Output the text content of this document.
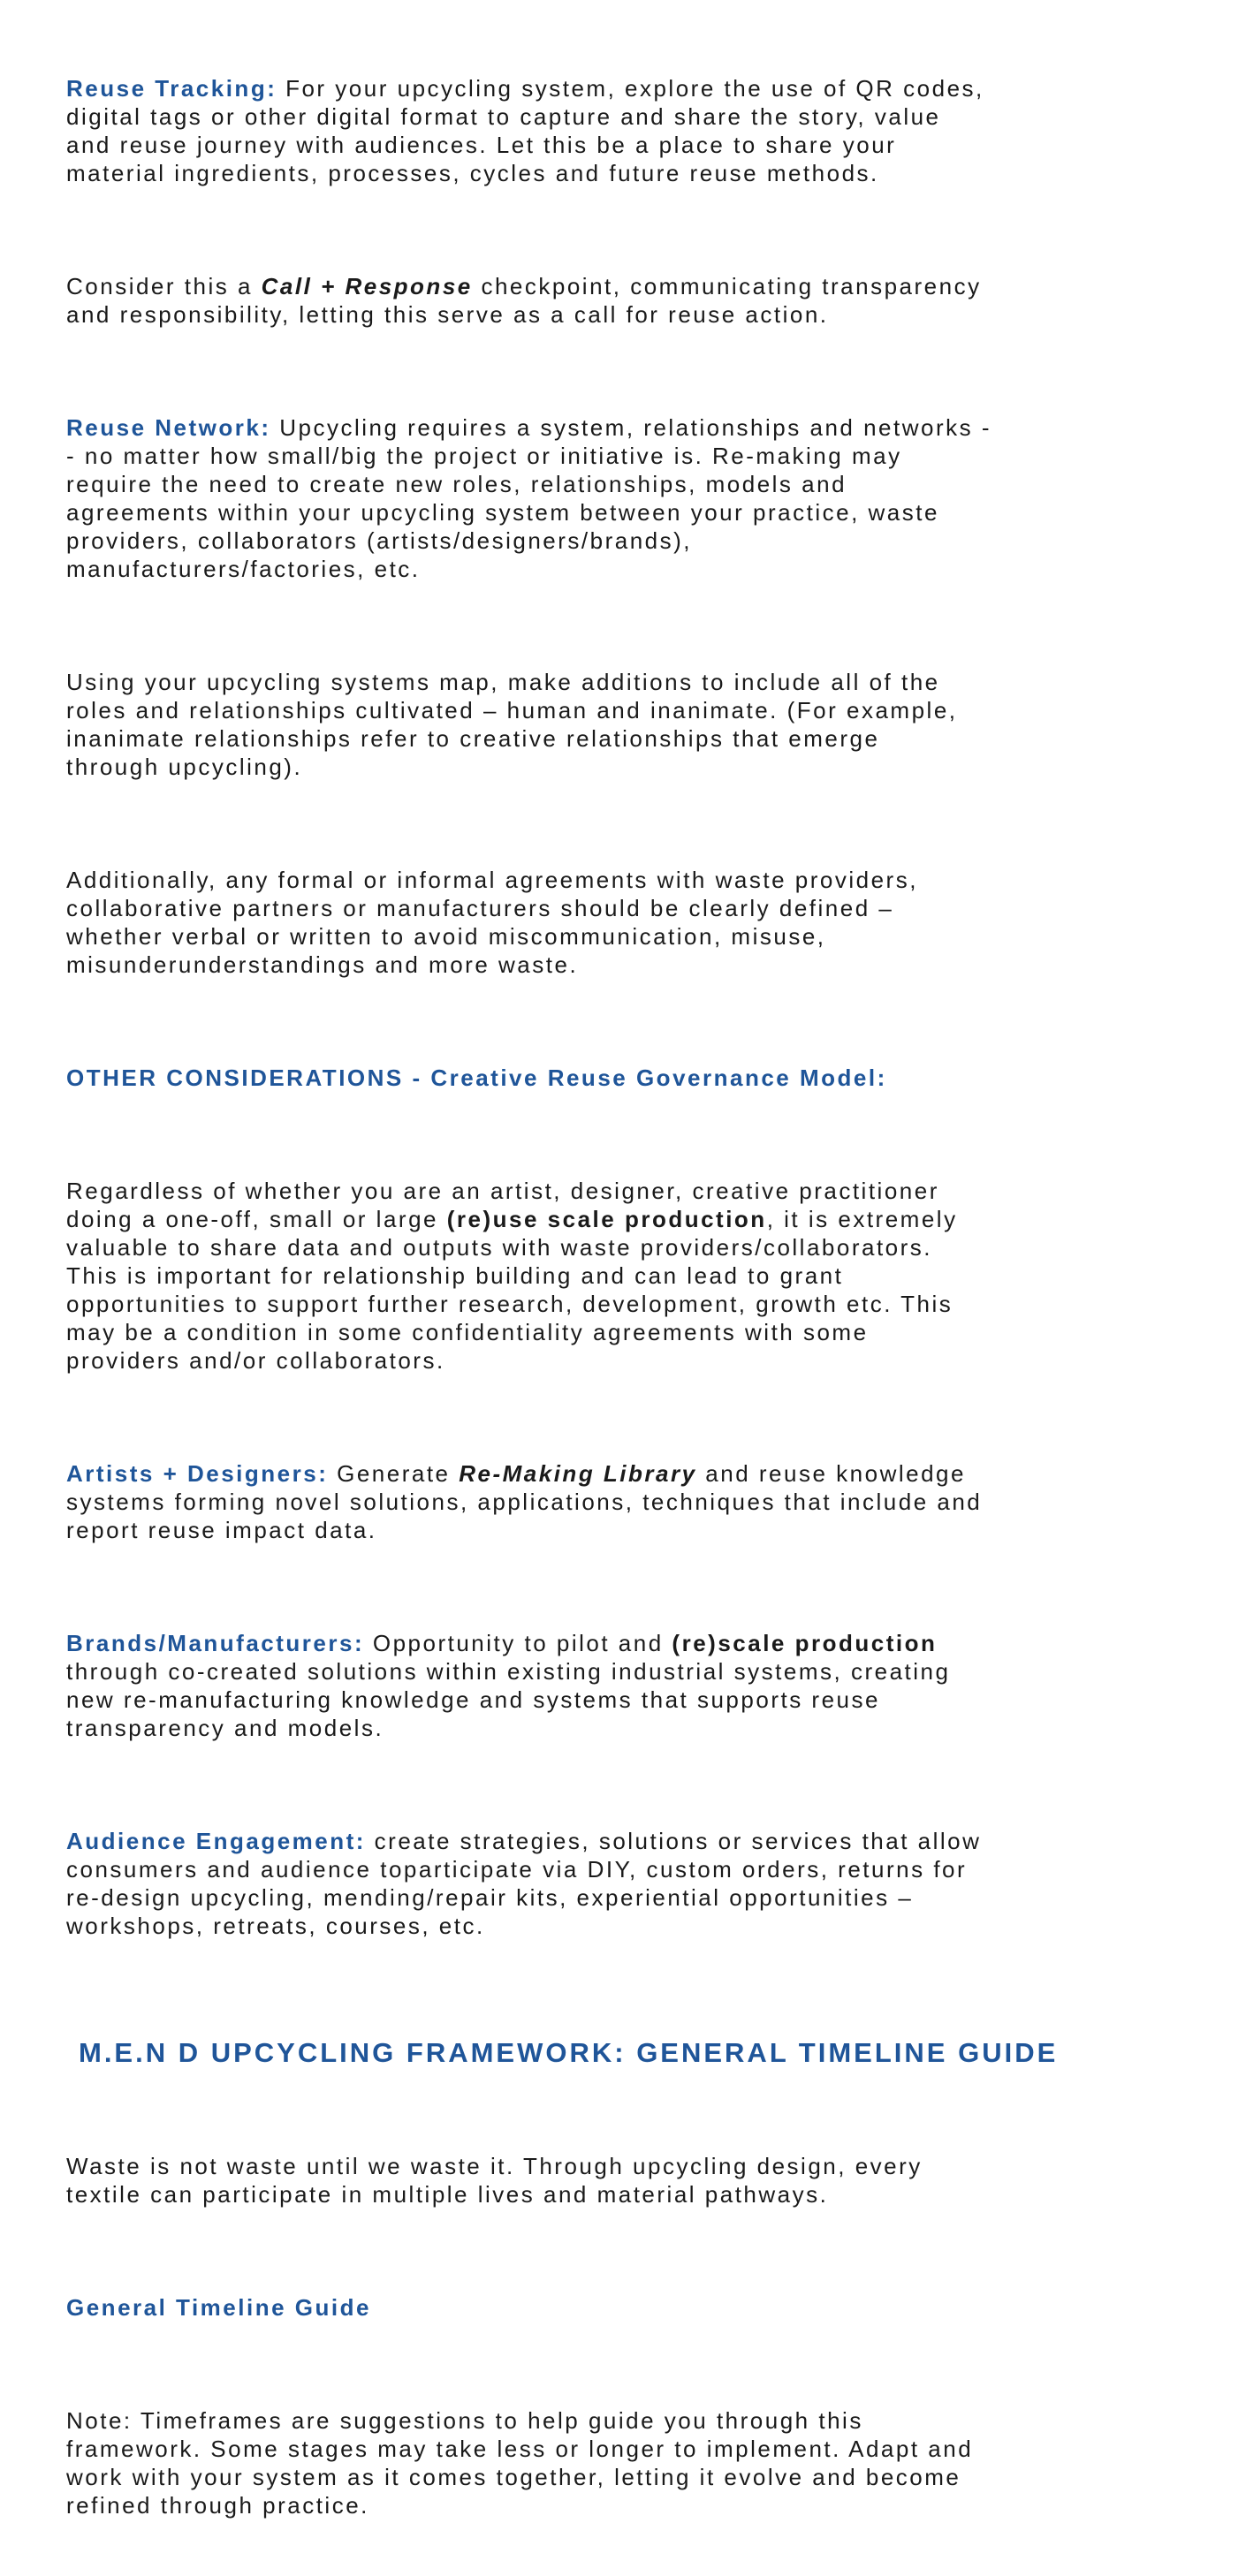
Reuse Tracking: For your upcycling system, explore the use of QR codes,
digital tags or other digital format to capture and share the story, value
and reuse journey with audiences. Let this be a place to share your
material ingredients, processes, cycles and future reuse methods.

Consider this a Call + Response checkpoint, communicating transparency
and responsibility, letting this serve as a call for reuse action.

Reuse Network: Upcycling requires a system, relationships and networks -
- no matter how small/big the project or initiative is. Re-making may
require the need to create new roles, relationships, models and
agreements within your upcycling system between your practice, waste
providers, collaborators (artists/designers/brands),
manufacturers/factories, etc.

Using your upcycling systems map, make additions to include all of the
roles and relationships cultivated – human and inanimate. (For example,
inanimate relationships refer to creative relationships that emerge
through upcycling).

Additionally, any formal or informal agreements with waste providers,
collaborative partners or manufacturers should be clearly defined –
whether verbal or written to avoid miscommunication, misuse,
misunderunderstandings and more waste.

OTHER CONSIDERATIONS - Creative Reuse Governance Model:

Regardless of whether you are an artist, designer, creative practitioner
doing a one-off, small or large (re)use scale production, it is extremely
valuable to share data and outputs with waste providers/collaborators.
This is important for relationship building and can lead to grant
opportunities to support further research, development, growth etc. This
may be a condition in some confidentiality agreements with some
providers and/or collaborators.

Artists + Designers: Generate Re-Making Library and reuse knowledge
systems forming novel solutions, applications, techniques that include and
report reuse impact data.

Brands/Manufacturers: Opportunity to pilot and (re)scale production
through co-created solutions within existing industrial systems, creating
new re-manufacturing knowledge and systems that supports reuse
transparency and models.

Audience Engagement: create strategies, solutions or services that allow
consumers and audience toparticipate via DIY, custom orders, returns for
re-design upcycling, mending/repair kits, experiential opportunities –
workshops, retreats, courses, etc.

M.E.N D UPCYCLING FRAMEWORK: GENERAL TIMELINE GUIDE

Waste is not waste until we waste it. Through upcycling design, every
textile can participate in multiple lives and material pathways.

General Timeline Guide

Note: Timeframes are suggestions to help guide you through this
framework. Some stages may take less or longer to implement. Adapt and
work with your system as it comes together, letting it evolve and become
refined through practice.
